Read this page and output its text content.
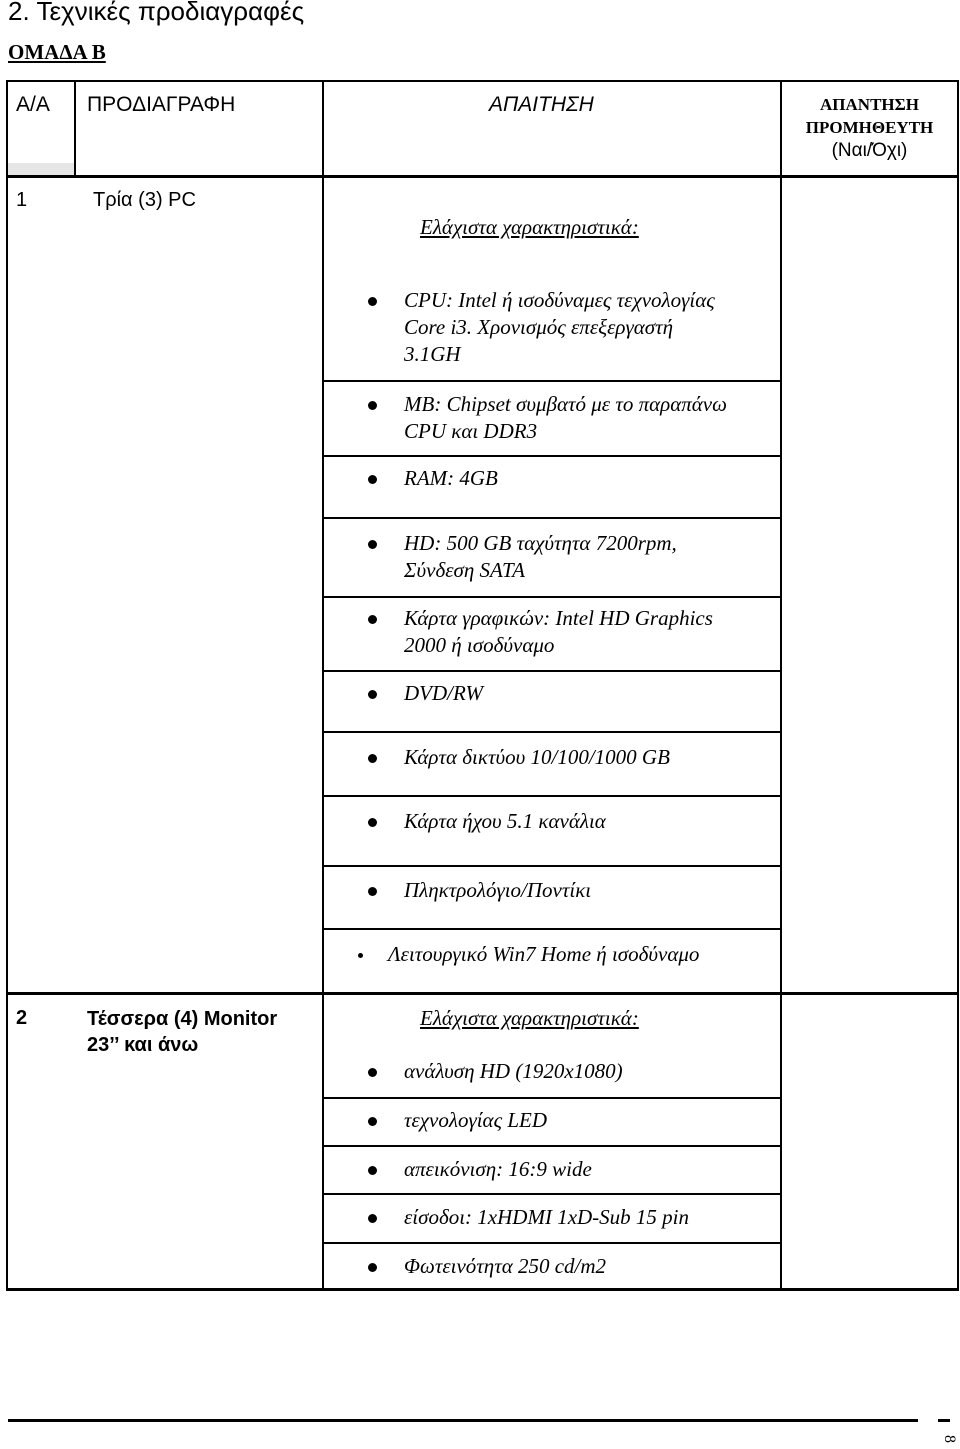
2. Τεχνικές προδιαγραφές
ΟΜΑΔΑ Β
Α/Α ΠΡΟΔΙΑΓΡΑΦΗ	ΑΠΑΙΤΗΣΗ	ΑΠΑΝΤΗΣΗ
ΠΡΟΜΗΘΕΥΤΗ
(Ναι/Όχι)
1	Τρία (3) PC
Ελάχιστα χαρακτηριστικά:
CPU: Intel ή ισοδύναμες τεχνολογίας
Core i3. Χρονισμός επεξεργαστή
3.1GH
MB: Chipset συμβατό με το παραπάνω
CPU και DDR3
RAM: 4GB
HD: 500 GB ταχύτητα 7200rpm,
Σύνδεση SATA
Κάρτα γραφικών: Intel HD Graphics
2000 ή ισοδύναμο
DVD/RW
Κάρτα δικτύου 10/100/1000 GB
Κάρτα ήχου 5.1 κανάλια
Πληκτρολόγιο/Ποντίκι
Λειτουργικό Win7 Home ή ισοδύναμο
2	Τέσσερα (4) Monitor
23’’ και άνω
Ελάχιστα χαρακτηριστικά:
ανάλυση HD (1920x1080)
τεχνολογίας LED
απεικόνιση: 16:9 wide
είσοδοι: 1xHDMI 1xD-Sub 15 pin
Φωτεινότητα 250 cd/m2
8
